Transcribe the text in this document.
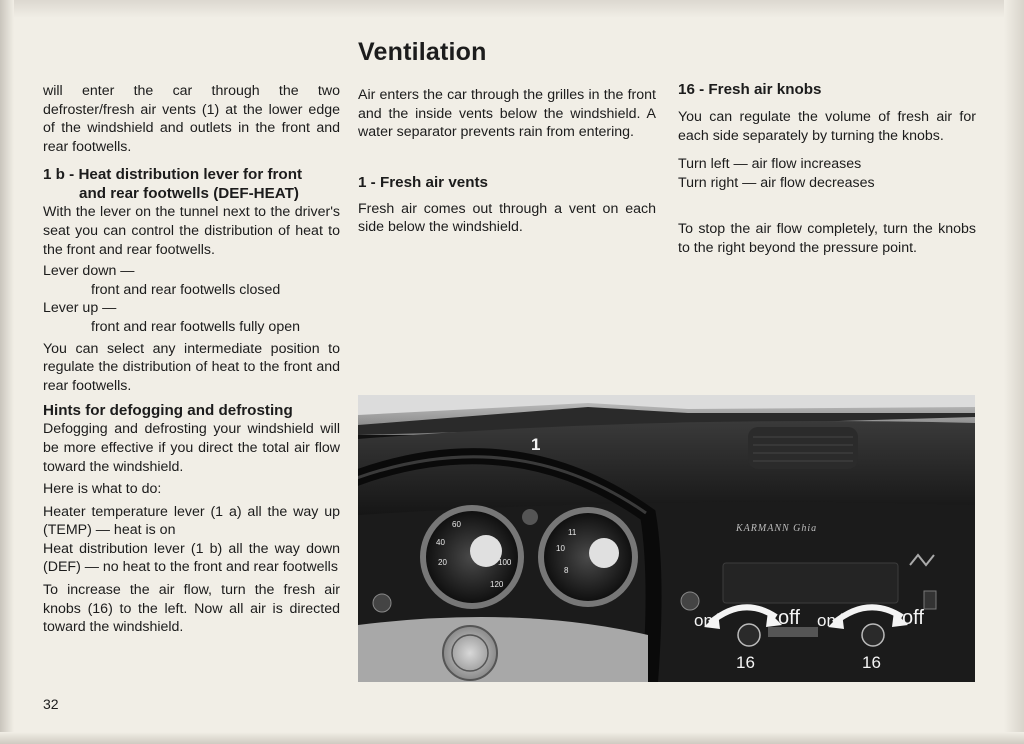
Ventilation

will enter the car through the two defroster/fresh air vents (1) at the lower edge of the windshield and outlets in the front and rear footwells.

1 b - Heat distribution lever for front
and rear footwells (DEF-HEAT)

With the lever on the tunnel next to the driver's seat you can control the distribution of heat to the front and rear footwells.

Lever down —

front and rear footwells closed

Lever up —

front and rear footwells fully open

You can select any intermediate position to regulate the distribution of heat to the front and rear footwells.

Hints for defogging and defrosting

Defogging and defrosting your windshield will be more effective if you direct the total air flow toward the windshield.

Here is what to do:

Heater temperature lever (1 a) all the way up (TEMP) — heat is on

Heat distribution lever (1 b) all the way down (DEF) — no heat to the front and rear footwells

To increase the air flow, turn the fresh air knobs (16) to the left. Now all air is directed toward the windshield.

Air enters the car through the grilles in the front and the inside vents below the windshield. A water separator prevents rain from entering.

1 - Fresh air vents

Fresh air comes out through a vent on each side below the windshield.

16 - Fresh air knobs

You can regulate the volume of fresh air for each side separately by turning the knobs.

Turn left — air flow increases

Turn right — air flow decreases

To stop the air flow completely, turn the knobs to the right beyond the pressure point.

60
40
20	100
120
11
10
8
1
KARMANN Ghia
on	off on	off
16	16
32
